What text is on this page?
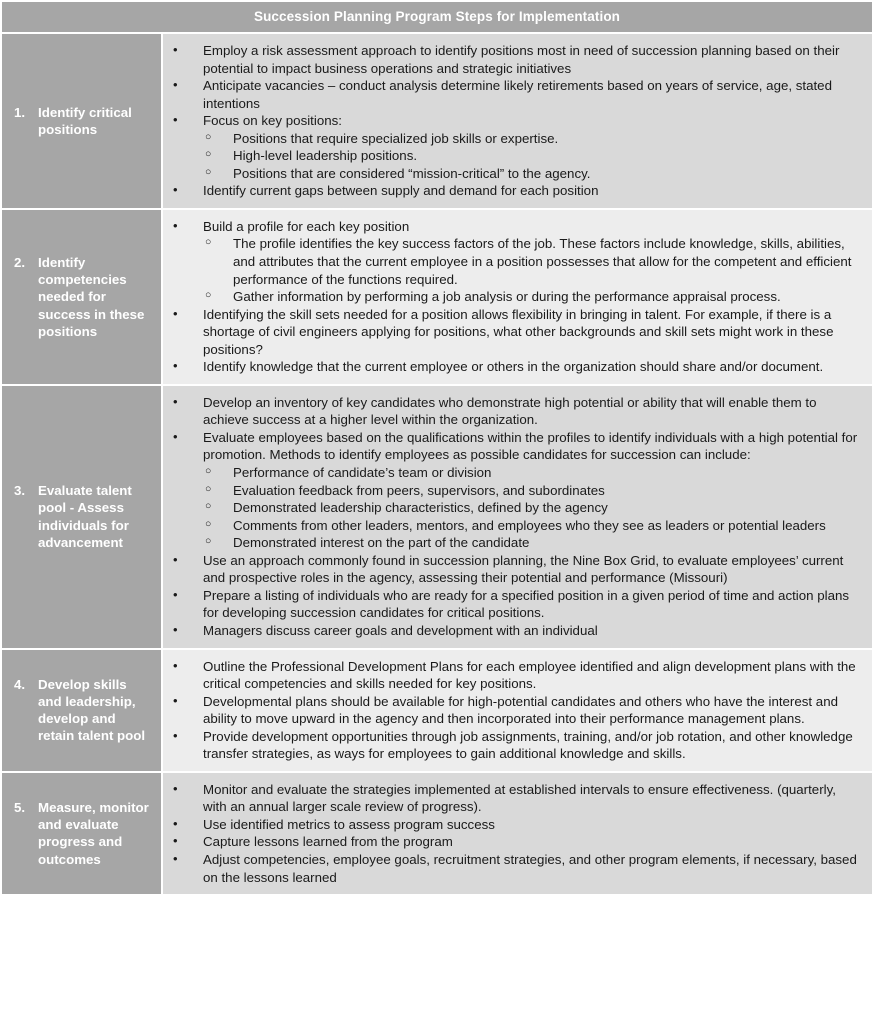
Succession Planning Program Steps for Implementation	

1. Identify critical positions

• Employ a risk assessment approach to identify positions most in need of succession planning based on their potential to impact business operations and strategic initiatives
• Anticipate vacancies – conduct analysis determine likely retirements based on years of service, age, stated intentions
• Focus on key positions:
○ Positions that require specialized job skills or expertise.
○ High-level leadership positions.
○ Positions that are considered “mission-critical” to the agency.
• Identify current gaps between supply and demand for each position

2. Identify competencies needed for success in these positions

• Build a profile for each key position
○ The profile identifies the key success factors of the job. These factors include knowledge, skills, abilities, and attributes that the current employee in a position possesses that allow for the competent and efficient performance of the functions required.
○ Gather information by performing a job analysis or during the performance appraisal process.
• Identifying the skill sets needed for a position allows flexibility in bringing in talent. For example, if there is a shortage of civil engineers applying for positions, what other backgrounds and skill sets might work in these positions?
• Identify knowledge that the current employee or others in the organization should share and/or document.

3. Evaluate talent pool - Assess individuals for advancement

• Develop an inventory of key candidates who demonstrate high potential or ability that will enable them to achieve success at a higher level within the organization.
• Evaluate employees based on the qualifications within the profiles to identify individuals with a high potential for promotion. Methods to identify employees as possible candidates for succession can include:
○ Performance of candidate’s team or division
○ Evaluation feedback from peers, supervisors, and subordinates
○ Demonstrated leadership characteristics, defined by the agency
○ Comments from other leaders, mentors, and employees who they see as leaders or potential leaders
○ Demonstrated interest on the part of the candidate
• Use an approach commonly found in succession planning, the Nine Box Grid, to evaluate employees’ current and prospective roles in the agency, assessing their potential and performance (Missouri)
• Prepare a listing of individuals who are ready for a specified position in a given period of time and action plans for developing succession candidates for critical positions.
• Managers discuss career goals and development with an individual

4. Develop skills and leadership, develop and retain talent pool

• Outline the Professional Development Plans for each employee identified and align development plans with the critical competencies and skills needed for key positions.
• Developmental plans should be available for high-potential candidates and others who have the interest and ability to move upward in the agency and then incorporated into their performance management plans.
• Provide development opportunities through job assignments, training, and/or job rotation, and other knowledge transfer strategies, as ways for employees to gain additional knowledge and skills.

5. Measure, monitor and evaluate progress and outcomes

• Monitor and evaluate the strategies implemented at established intervals to ensure effectiveness. (quarterly, with an annual larger scale review of progress).
• Use identified metrics to assess program success
• Capture lessons learned from the program
• Adjust competencies, employee goals, recruitment strategies, and other program elements, if necessary, based on the lessons learned
